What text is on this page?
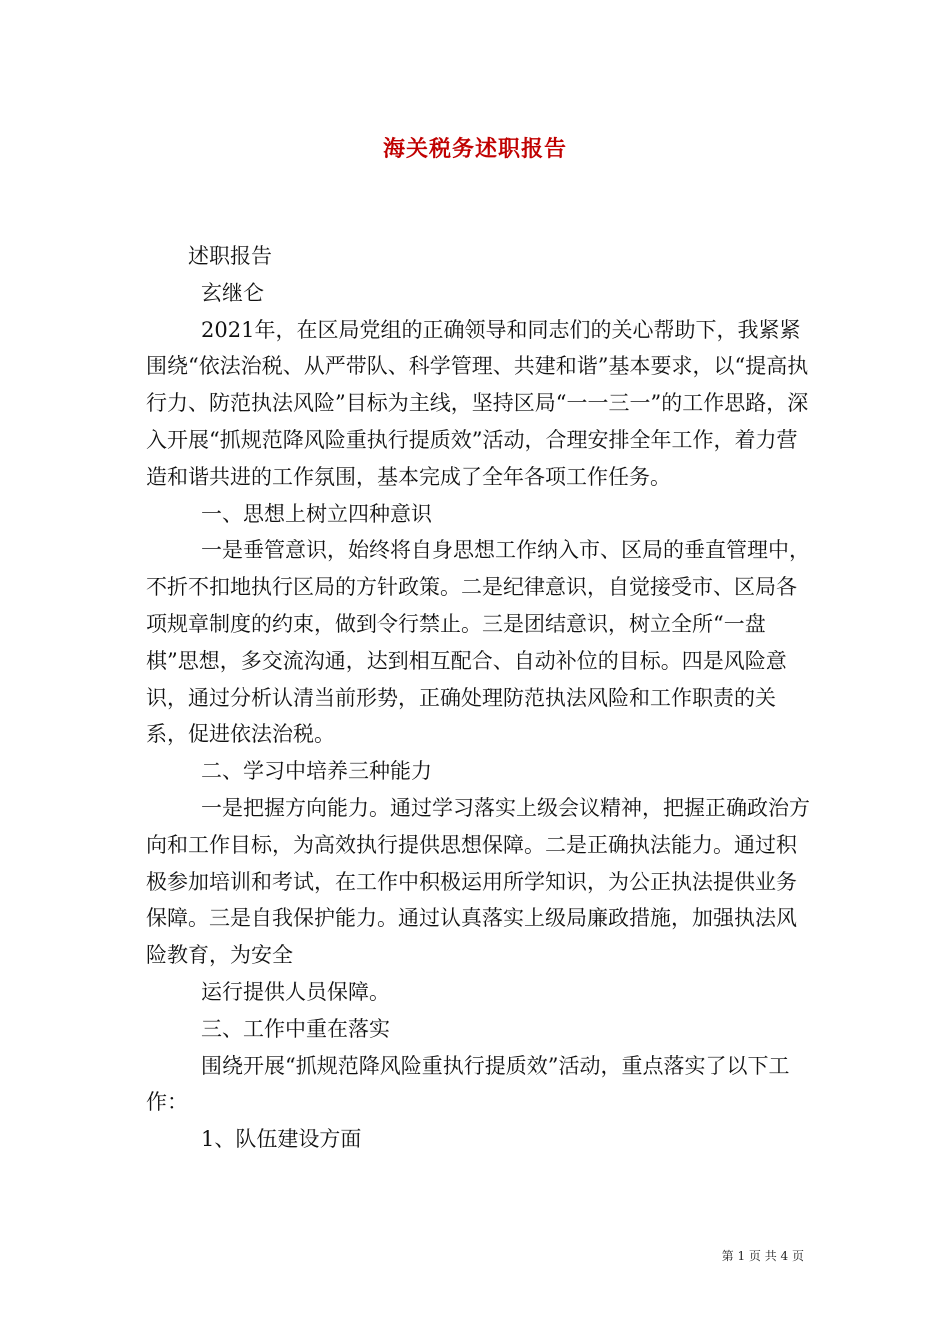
海关税务述职报告

述职报告

玄继仑

2021年，在区局党组的正确领导和同志们的关心帮助下，我紧紧围绕“依法治税、从严带队、科学管理、共建和谐”基本要求，以“提高执行力、防范执法风险”目标为主线，坚持区局“一一三一”的工作思路，深入开展“抓规范降风险重执行提质效”活动，合理安排全年工作，着力营造和谐共进的工作氛围，基本完成了全年各项工作任务。

一、思想上树立四种意识

一是垂管意识，始终将自身思想工作纳入市、区局的垂直管理中，不折不扣地执行区局的方针政策。二是纪律意识，自觉接受市、区局各项规章制度的约束，做到令行禁止。三是团结意识，树立全所“一盘棋”思想，多交流沟通，达到相互配合、自动补位的目标。四是风险意识，通过分析认清当前形势，正确处理防范执法风险和工作职责的关系，促进依法治税。

二、学习中培养三种能力

一是把握方向能力。通过学习落实上级会议精神，把握正确政治方向和工作目标，为高效执行提供思想保障。二是正确执法能力。通过积极参加培训和考试，在工作中积极运用所学知识，为公正执法提供业务保障。三是自我保护能力。通过认真落实上级局廉政措施，加强执法风险教育，为安全

运行提供人员保障。

三、工作中重在落实

围绕开展“抓规范降风险重执行提质效”活动，重点落实了以下工作：

1、队伍建设方面

第 1 页 共 4 页
